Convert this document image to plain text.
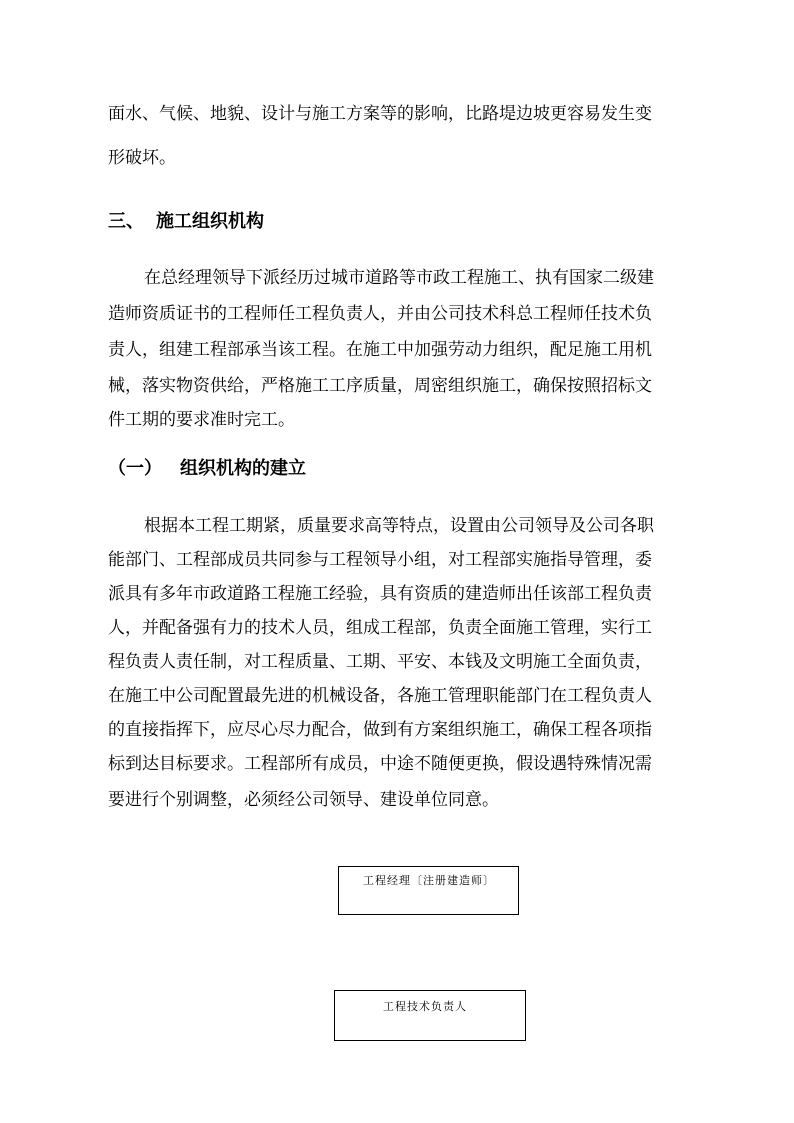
面水、气候、地貌、设计与施工方案等的影响，比路堤边坡更容易发生变
形破坏。
三、 施工组织机构
在总经理领导下派经历过城市道路等市政工程施工、执有国家二级建
造师资质证书的工程师任工程负责人，并由公司技术科总工程师任技术负
责人，组建工程部承当该工程。在施工中加强劳动力组织，配足施工用机
械，落实物资供给，严格施工工序质量，周密组织施工，确保按照招标文
件工期的要求准时完工。
（一） 组织机构的建立
根据本工程工期紧，质量要求高等特点，设置由公司领导及公司各职
能部门、工程部成员共同参与工程领导小组，对工程部实施指导管理，委
派具有多年市政道路工程施工经验，具有资质的建造师出任该部工程负责
人，并配备强有力的技术人员，组成工程部，负责全面施工管理，实行工
程负责人责任制，对工程质量、工期、平安、本钱及文明施工全面负责，
在施工中公司配置最先进的机械设备，各施工管理职能部门在工程负责人
的直接指挥下，应尽心尽力配合，做到有方案组织施工，确保工程各项指
标到达目标要求。工程部所有成员，中途不随便更换，假设遇特殊情况需
要进行个别调整，必须经公司领导、建设单位同意。
工程经理〔注册建造师〕
工程技术负责人
